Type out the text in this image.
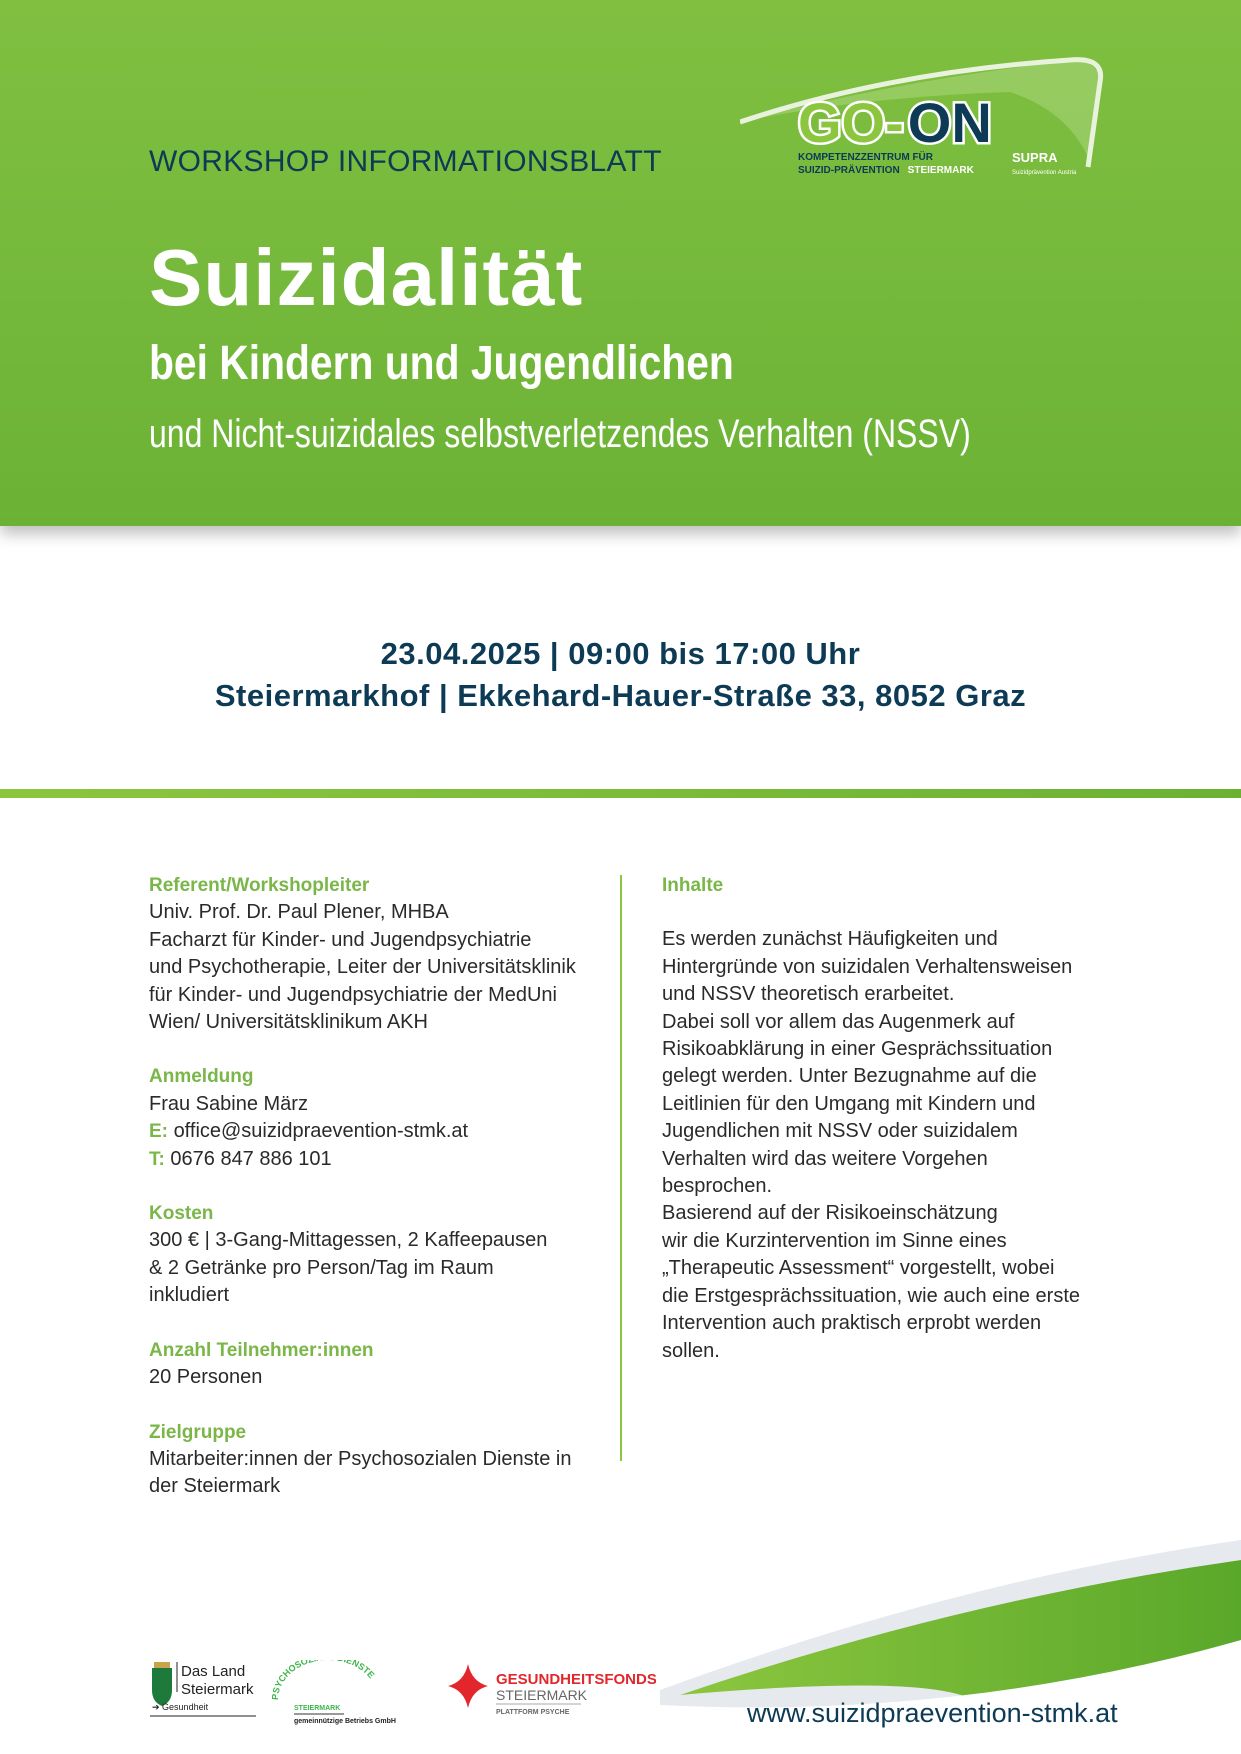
WORKSHOP INFORMATIONSBLATT
Suizidalität
bei Kindern und Jugendlichen
und Nicht-suizidales selbstverletzendes Verhalten (NSSV)
GO-ON
KOMPETENZZENTRUM FÜR
SUIZID-PRÄVENTION STEIERMARK
SUPRA
Suizidprävention Austria
23.04.2025 | 09:00 bis 17:00 Uhr
Steiermarkhof | Ekkehard-Hauer-Straße 33, 8052 Graz
Referent/Workshopleiter
Univ. Prof. Dr. Paul Plener, MHBA
Facharzt für Kinder- und Jugendpsychiatrie
und Psychotherapie, Leiter der Universitätsklinik
für Kinder- und Jugendpsychiatrie der MedUni
Wien/ Universitätsklinikum AKH
Anmeldung
Frau Sabine März
E: office@suizidpraevention-stmk.at
T: 0676 847 886 101
Kosten
300 € | 3-Gang-Mittagessen, 2 Kaffeepausen
& 2 Getränke pro Person/Tag im Raum
inkludiert
Anzahl Teilnehmer:innen
20 Personen
Zielgruppe
Mitarbeiter:innen der Psychosozialen Dienste in
der Steiermark
Inhalte
Es werden zunächst Häufigkeiten und
Hintergründe von suizidalen Verhaltensweisen
und NSSV theoretisch erarbeitet.
Dabei soll vor allem das Augenmerk auf
Risikoabklärung in einer Gesprächssituation
gelegt werden. Unter Bezugnahme auf die
Leitlinien für den Umgang mit Kindern und
Jugendlichen mit NSSV oder suizidalem
Verhalten wird das weitere Vorgehen
besprochen.
Basierend auf der Risikoeinschätzung
wir die Kurzintervention im Sinne eines
„Therapeutic Assessment“ vorgestellt, wobei
die Erstgesprächssituation, wie auch eine erste
Intervention auch praktisch erprobt werden
sollen.
www.suizidpraevention-stmk.at
Das Land
Steiermark
➔ Gesundheit
YCHOSO ENSTE
STEIERMARK
gemeinnützige Betriebs GmbH
GESUNDHEITSFONDS
STEIERMARK
PLATTFORM PSYCHE
